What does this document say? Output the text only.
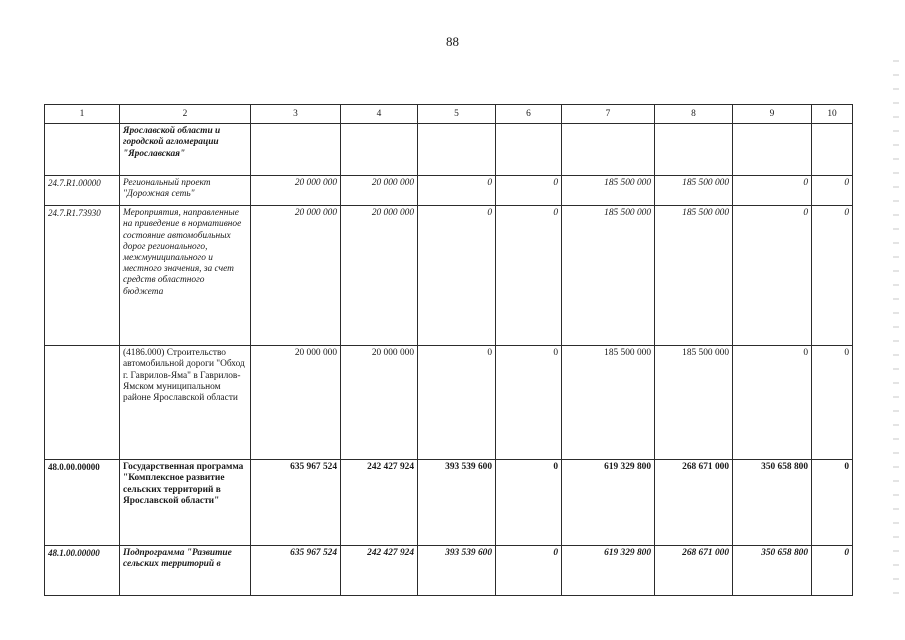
88
1	2	3	4	5	6	7	8	9	10
	Ярославской области и городской агломерации "Ярославская"								
24.7.R1.00000	Региональный проект "Дорожная сеть"	20 000 000	20 000 000	0	0	185 500 000	185 500 000	0	0
24.7.R1.73930	Мероприятия, направленные на приведение в нормативное состояние автомобильных дорог регионального, межмуниципального и местного значения, за счет средств областного бюджета	20 000 000	20 000 000	0	0	185 500 000	185 500 000	0	0
	(4186.000) Строительство автомобильной дороги "Обход г. Гаврилов-Яма" в Гаврилов-Ямском муниципальном районе Ярославской области	20 000 000	20 000 000	0	0	185 500 000	185 500 000	0	0
48.0.00.00000	Государственная программа "Комплексное развитие сельских территорий в Ярославской области"	635 967 524	242 427 924	393 539 600	0	619 329 800	268 671 000	350 658 800	0
48.1.00.00000	Подпрограмма "Развитие сельских территорий в	635 967 524	242 427 924	393 539 600	0	619 329 800	268 671 000	350 658 800	0
